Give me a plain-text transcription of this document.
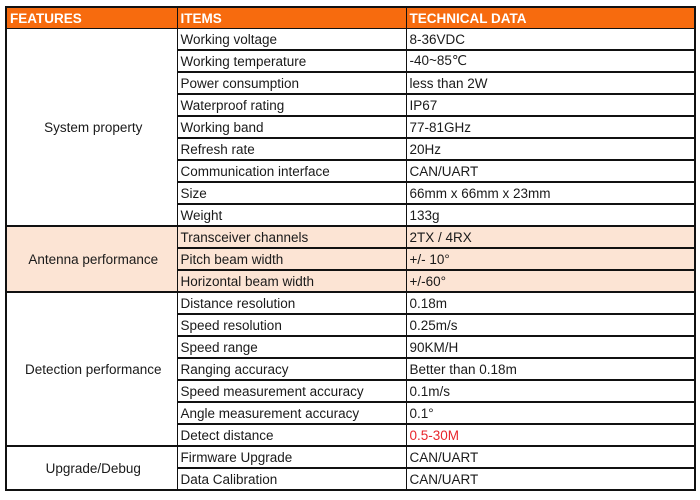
FEATURES	ITEMS	TECHNICAL DATA
System property	Working voltage	8-36VDC
	Working temperature	-40~85℃
	Power consumption	less than 2W
	Waterproof rating	IP67
	Working band	77-81GHz
	Refresh rate	20Hz
	Communication interface	CAN/UART
	Size	66mm x 66mm x 23mm
	Weight	133g
Antenna performance	Transceiver channels	2TX / 4RX
	Pitch beam width	+/- 10°
	Horizontal beam width	+/-60°
Detection performance	Distance resolution	0.18m
	Speed resolution	0.25m/s
	Speed range	90KM/H
	Ranging accuracy	Better than 0.18m
	Speed measurement accuracy	0.1m/s
	Angle measurement accuracy	0.1°
	Detect distance	0.5-30M
Upgrade/Debug	Firmware Upgrade	CAN/UART
	Data Calibration	CAN/UART
